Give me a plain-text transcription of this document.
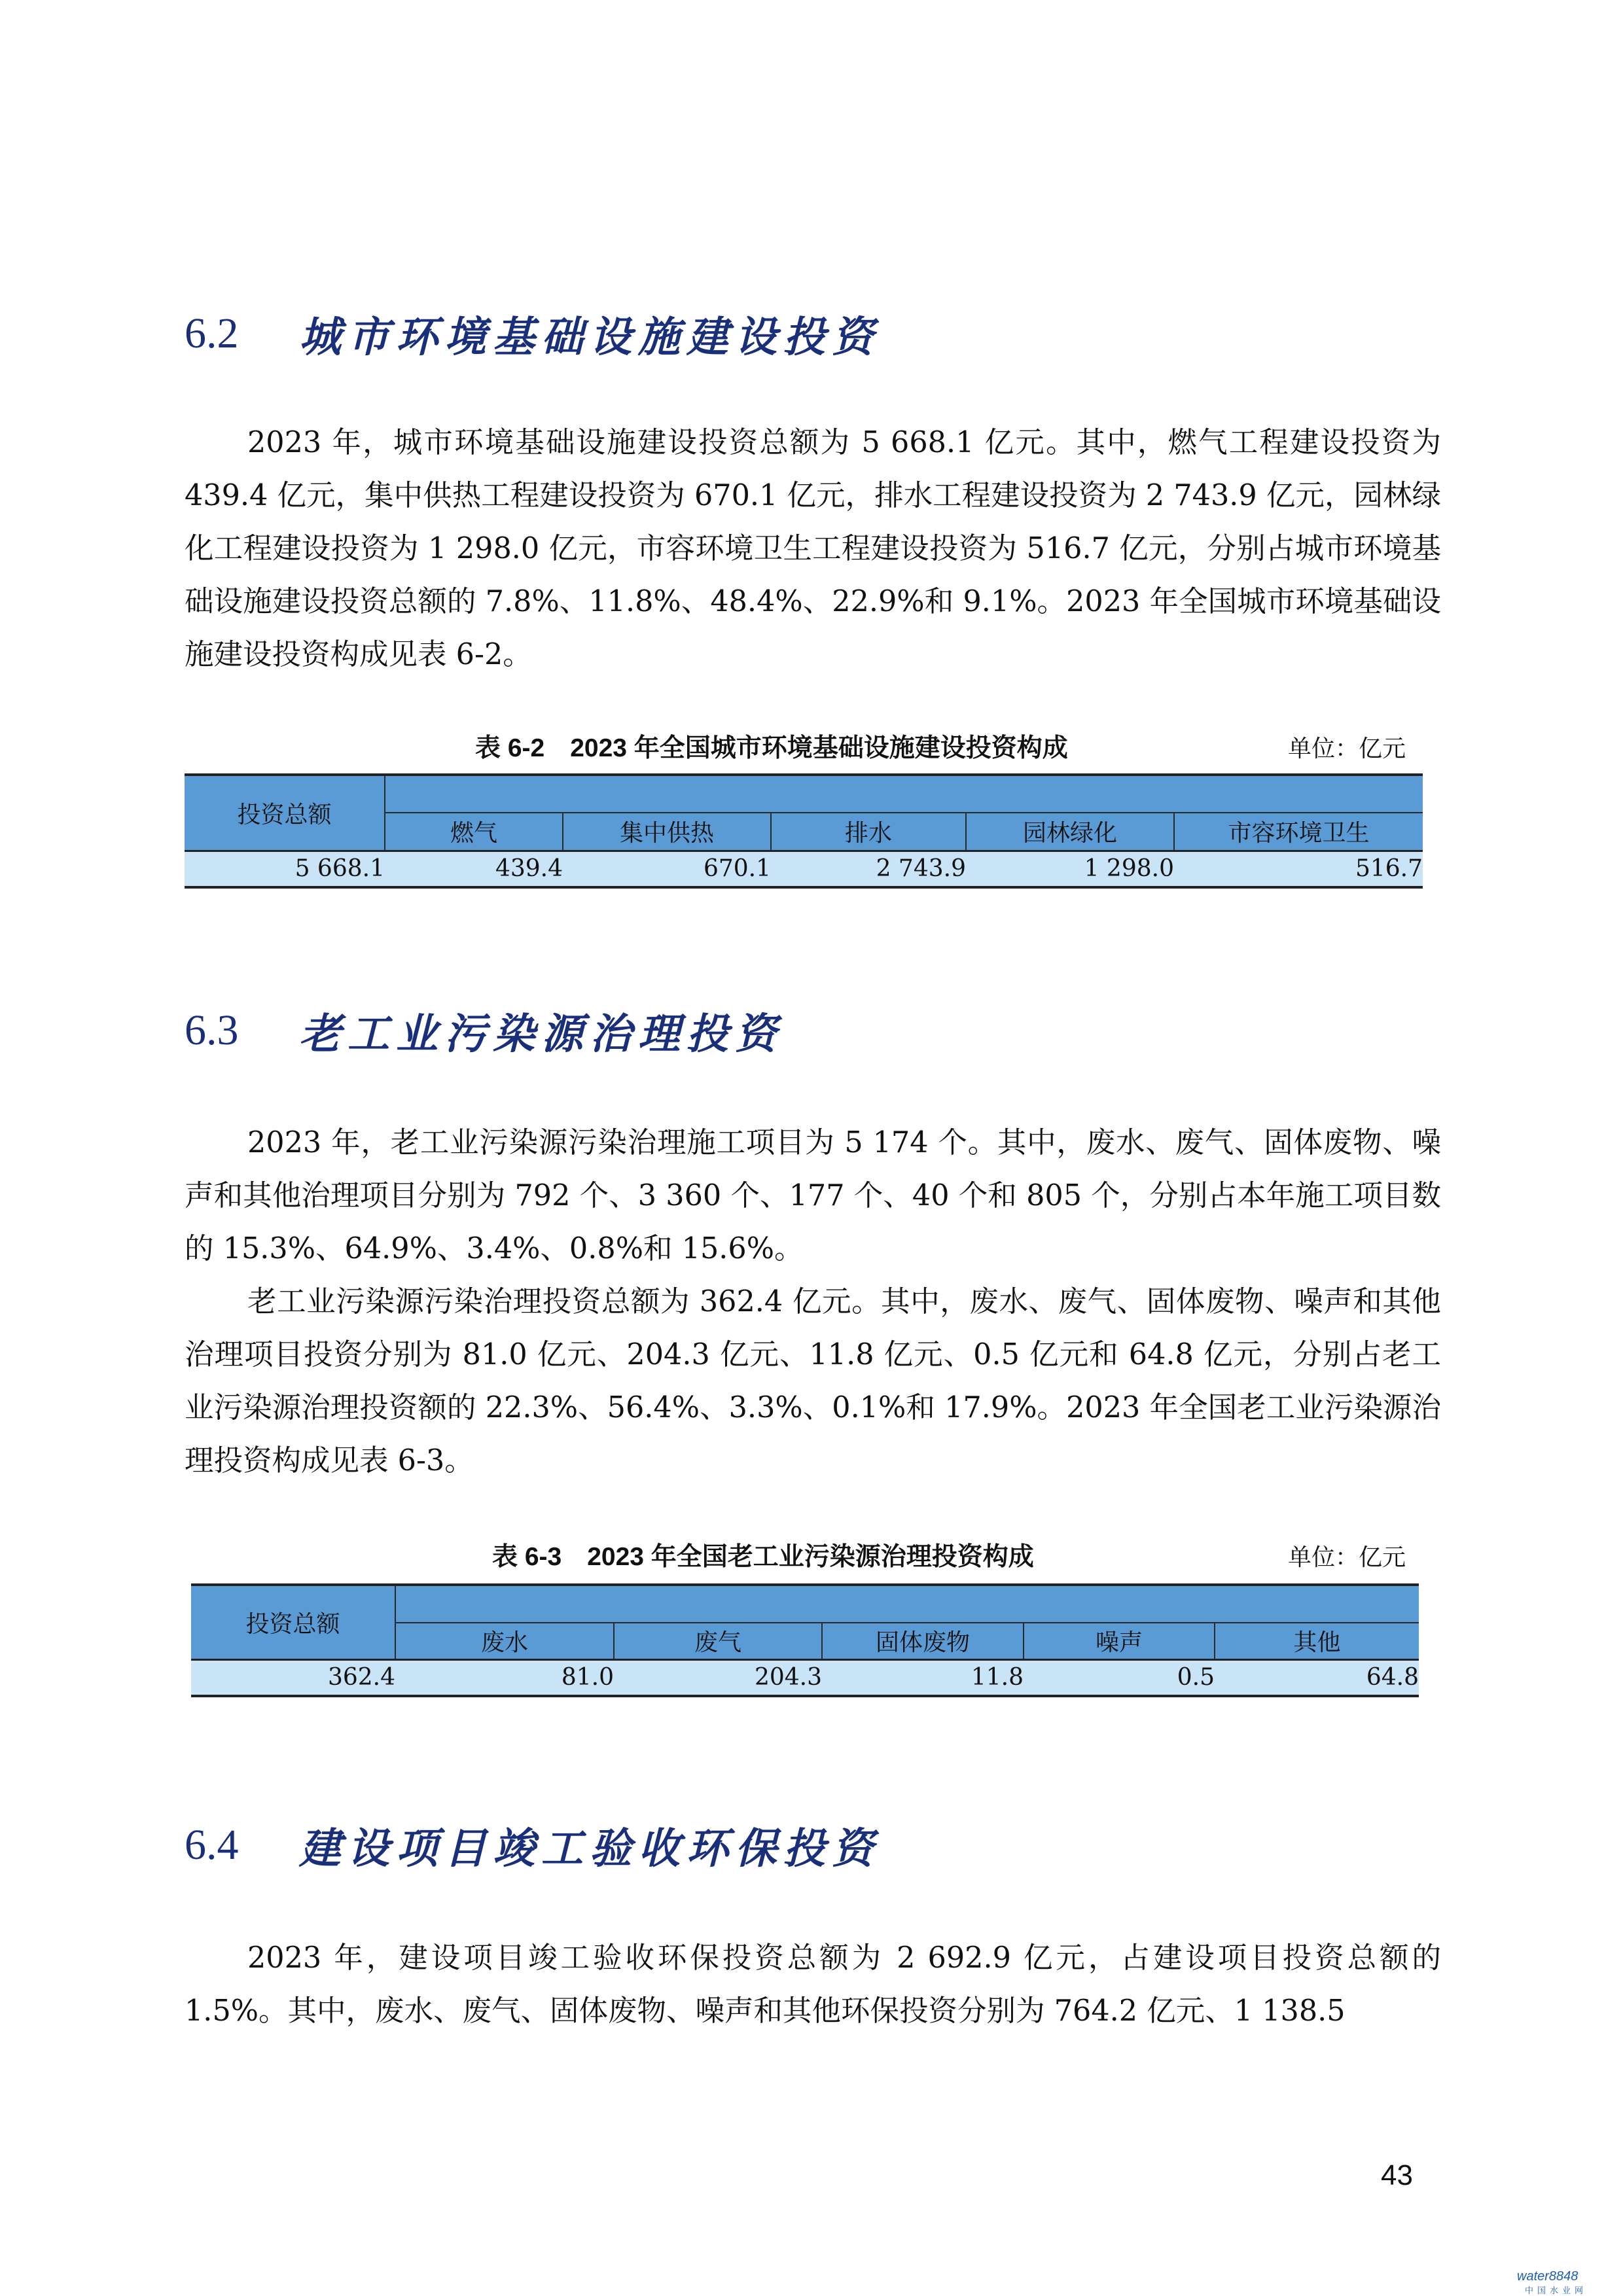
6.2	城市环境基础设施建设投资

2023 年，城市环境基础设施建设投资总额为 5 668.1 亿元。其中，燃气工程建设投资为 439.4 亿元，集中供热工程建设投资为 670.1 亿元，排水工程建设投资为 2 743.9 亿元，园林绿化工程建设投资为 1 298.0 亿元，市容环境卫生工程建设投资为 516.7 亿元，分别占城市环境基础设施建设投资总额的 7.8%、11.8%、48.4%、22.9%和 9.1%。2023 年全国城市环境基础设施建设投资构成见表 6-2。

表 6-2　2023 年全国城市环境基础设施建设投资构成	单位：亿元
投资总额					
	燃气	集中供热	排水	园林绿化	市容环境卫生
5 668.1	439.4	670.1	2 743.9	1 298.0	516.7
6.3	老工业污染源治理投资

2023 年，老工业污染源污染治理施工项目为 5 174 个。其中，废水、废气、固体废物、噪声和其他治理项目分别为 792 个、3 360 个、177 个、40 个和 805 个，分别占本年施工项目数的 15.3%、64.9%、3.4%、0.8%和 15.6%。

老工业污染源污染治理投资总额为 362.4 亿元。其中，废水、废气、固体废物、噪声和其他治理项目投资分别为 81.0 亿元、204.3 亿元、11.8 亿元、0.5 亿元和 64.8 亿元，分别占老工业污染源治理投资额的 22.3%、56.4%、3.3%、0.1%和 17.9%。2023 年全国老工业污染源治理投资构成见表 6-3。

表 6-3　2023 年全国老工业污染源治理投资构成	单位：亿元
投资总额					
	废水	废气	固体废物	噪声	其他
362.4	81.0	204.3	11.8	0.5	64.8
6.4	建设项目竣工验收环保投资

2023 年，建设项目竣工验收环保投资总额为 2 692.9 亿元，占建设项目投资总额的 1.5%。其中，废水、废气、固体废物、噪声和其他环保投资分别为 764.2 亿元、1 138.5

43
water8848
中国水业网
